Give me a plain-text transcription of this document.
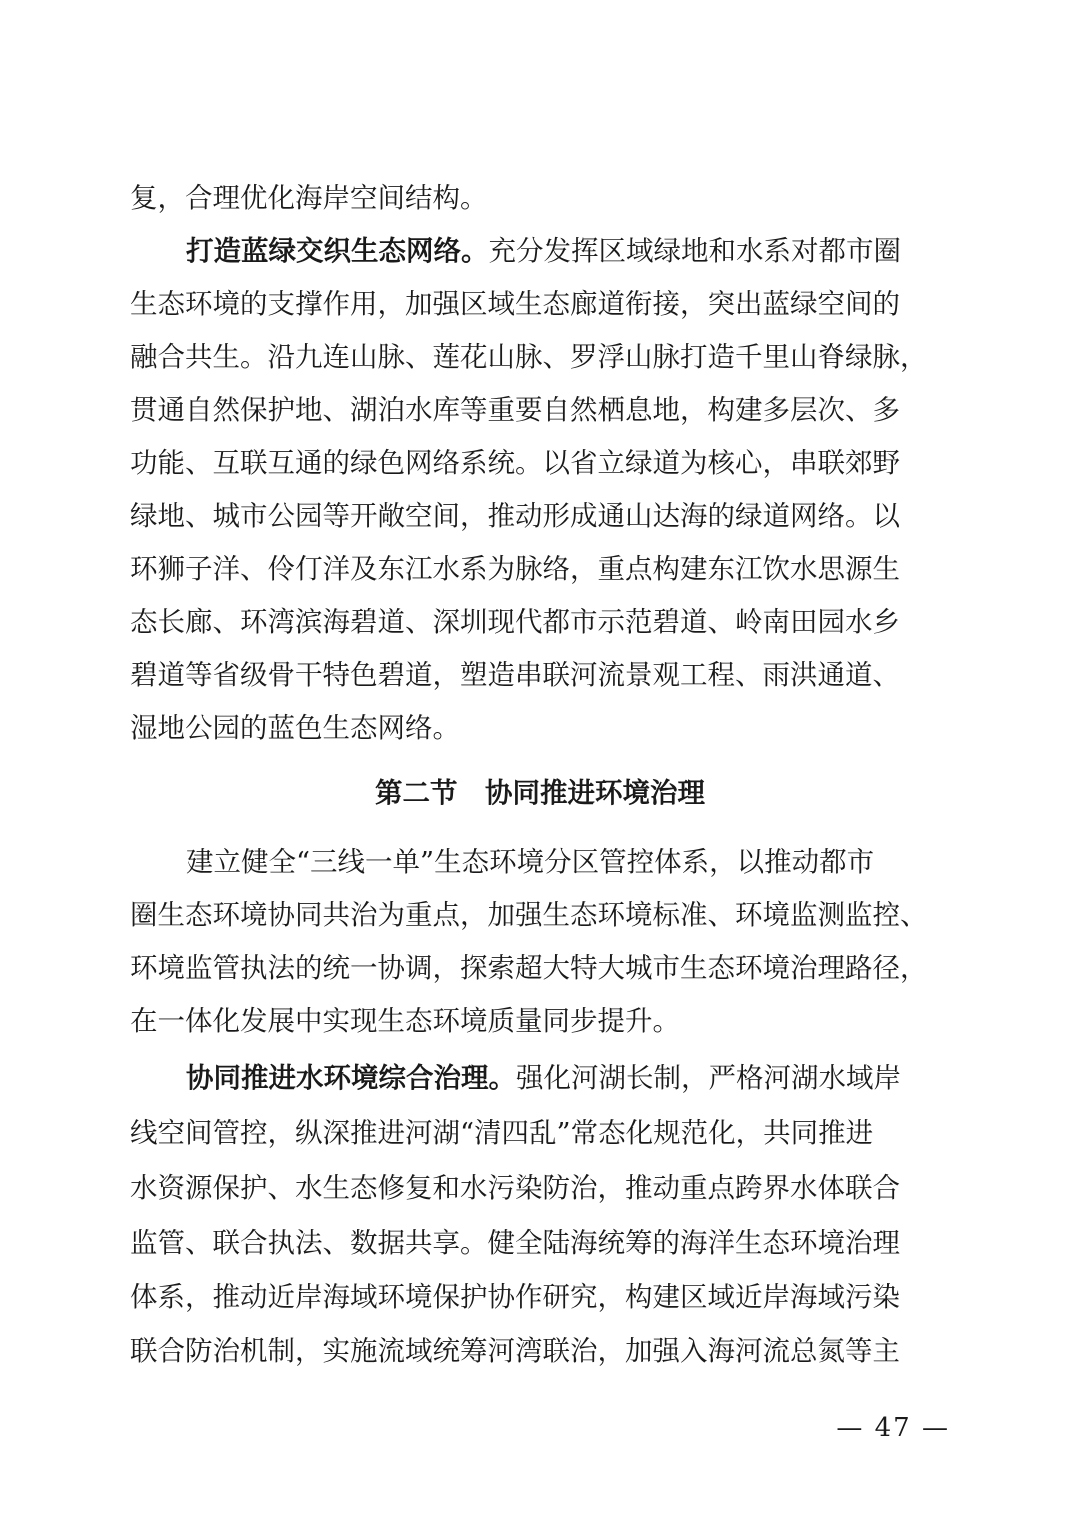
复，合理优化海岸空间结构。
打造蓝绿交织生态网络。充分发挥区域绿地和水系对都市圈
生态环境的支撑作用，加强区域生态廊道衔接，突出蓝绿空间的
融合共生。沿九连山脉、莲花山脉、罗浮山脉打造千里山脊绿脉，
贯通自然保护地、湖泊水库等重要自然栖息地，构建多层次、多
功能、互联互通的绿色网络系统。以省立绿道为核心，串联郊野
绿地、城市公园等开敞空间，推动形成通山达海的绿道网络。以
环狮子洋、伶仃洋及东江水系为脉络，重点构建东江饮水思源生
态长廊、环湾滨海碧道、深圳现代都市示范碧道、岭南田园水乡
碧道等省级骨干特色碧道，塑造串联河流景观工程、雨洪通道、
湿地公园的蓝色生态网络。
第二节　协同推进环境治理
建立健全“三线一单”生态环境分区管控体系，以推动都市
圈生态环境协同共治为重点，加强生态环境标准、环境监测监控、
环境监管执法的统一协调，探索超大特大城市生态环境治理路径，
在一体化发展中实现生态环境质量同步提升。
协同推进水环境综合治理。强化河湖长制，严格河湖水域岸
线空间管控，纵深推进河湖“清四乱”常态化规范化，共同推进
水资源保护、水生态修复和水污染防治，推动重点跨界水体联合
监管、联合执法、数据共享。健全陆海统筹的海洋生态环境治理
体系，推动近岸海域环境保护协作研究，构建区域近岸海域污染
联合防治机制，实施流域统筹河湾联治，加强入海河流总氮等主
— 47 —
